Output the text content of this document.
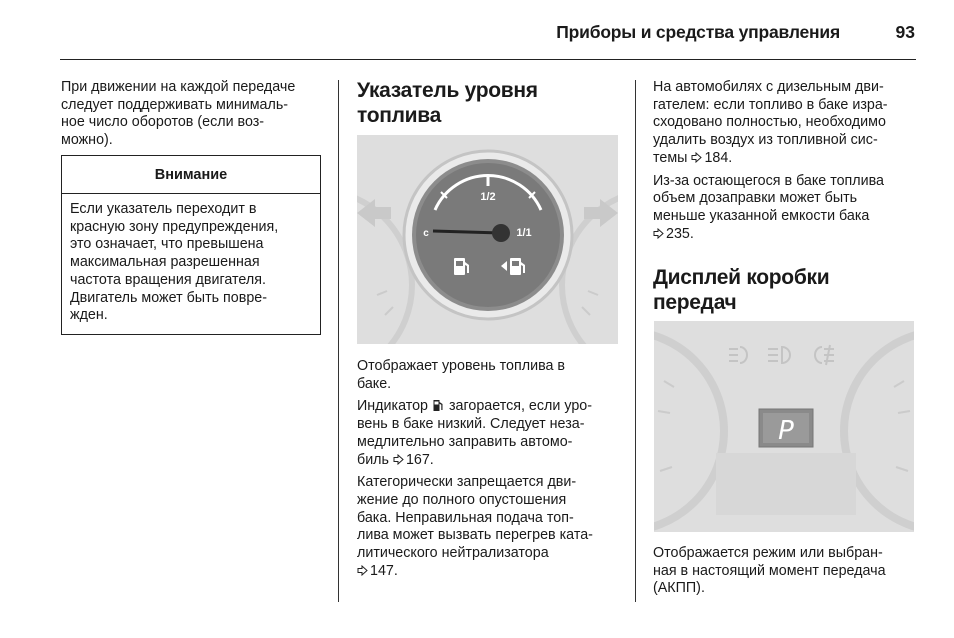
Приборы и средства управления	93
При движении на каждой передаче
следует поддерживать минималь-
ное число оборотов (если воз-
можно).
Внимание
Если указатель переходит в
красную зону предупреждения,
это означает, что превышена
максимальная разрешенная
частота вращения двигателя.
Двигатель может быть повре-
жден.
Указатель уровня
топлива
1/2
c	1/1
Отображает уровень топлива в
баке.
Индикатор загорается, если уро-
вень в баке низкий. Следует неза-
медлительно заправить автомо-
биль 167.
Категорически запрещается дви-
жение до полного опустошения
бака. Неправильная подача топ-
лива может вызвать перегрев ката-
литического нейтрализатора
147.
На автомобилях с дизельным дви-
гателем: если топливо в баке изра-
сходовано полностью, необходимо
удалить воздух из топливной сис-
темы 184.
Из-за остающегося в баке топлива
объем дозаправки может быть
меньше указанной емкости бака
235.
Дисплей коробки
передач
P
Отображается режим или выбран-
ная в настоящий момент передача
(АКПП).
